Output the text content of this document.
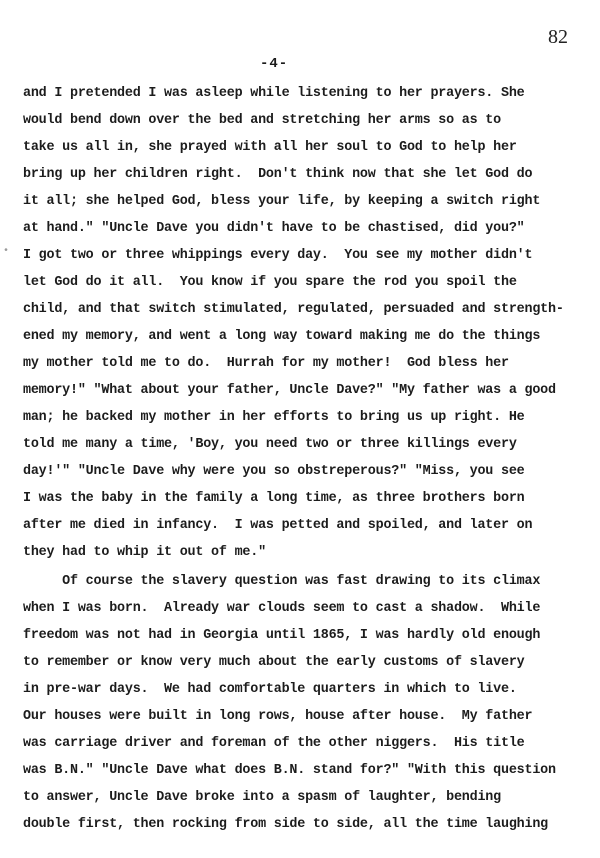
82
-4-
•
and I pretended I was asleep while listening to her prayers. She
would bend down over the bed and stretching her arms so as to
take us all in, she prayed with all her soul to God to help her
bring up her children right.  Don't think now that she let God do
it all; she helped God, bless your life, by keeping a switch right
at hand." "Uncle Dave you didn't have to be chastised, did you?"
I got two or three whippings every day.  You see my mother didn't
let God do it all.  You know if you spare the rod you spoil the
child, and that switch stimulated, regulated, persuaded and strength-
ened my memory, and went a long way toward making me do the things
my mother told me to do.  Hurrah for my mother!  God bless her
memory!" "What about your father, Uncle Dave?" "My father was a good
man; he backed my mother in her efforts to bring us up right. He
told me many a time, 'Boy, you need two or three killings every
day!'" "Uncle Dave why were you so obstreperous?" "Miss, you see
I was the baby in the family a long time, as three brothers born
after me died in infancy.  I was petted and spoiled, and later on
they had to whip it out of me."
Of course the slavery question was fast drawing to its climax
when I was born.  Already war clouds seem to cast a shadow.  While
freedom was not had in Georgia until 1865, I was hardly old enough
to remember or know very much about the early customs of slavery
in pre-war days.  We had comfortable quarters in which to live.
Our houses were built in long rows, house after house.  My father
was carriage driver and foreman of the other niggers.  His title
was B.N." "Uncle Dave what does B.N. stand for?" "With this question
to answer, Uncle Dave broke into a spasm of laughter, bending
double first, then rocking from side to side, all the time laughing
